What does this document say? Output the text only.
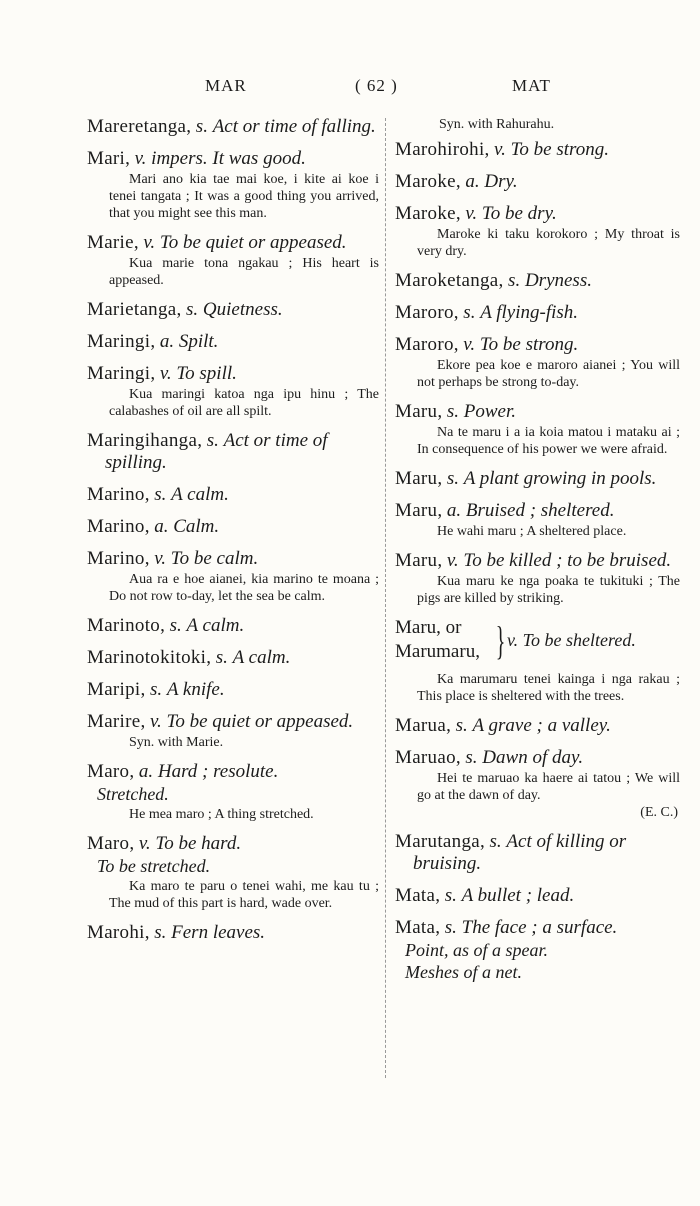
MAR	( 62 )	MAT
Mareretanga, s. Act or time of falling.
Mari, v. impers. It was good.
Mari ano kia tae mai koe, i kite ai koe i tenei tangata ; It was a good thing you arrived, that you might see this man.
Marie, v. To be quiet or appeased.
Kua marie tona ngakau ; His heart is appeased.
Marietanga, s. Quietness.
Maringi, a. Spilt.
Maringi, v. To spill.
Kua maringi katoa nga ipu hinu ; The calabashes of oil are all spilt.
Maringihanga, s. Act or time of spilling.
Marino, s. A calm.
Marino, a. Calm.
Marino, v. To be calm.
Aua ra e hoe aianei, kia marino te moana ; Do not row to-day, let the sea be calm.
Marinoto, s. A calm.
Marinotokitoki, s. A calm.
Maripi, s. A knife.
Marire, v. To be quiet or appeased.
Syn. with Marie.
Maro, a. Hard ; resolute.
Stretched.
He mea maro ; A thing stretched.
Maro, v. To be hard.
To be stretched.
Ka maro te paru o tenei wahi, me kau tu ; The mud of this part is hard, wade over.
Marohi, s. Fern leaves.
Syn. with Rahurahu.
Marohirohi, v. To be strong.
Maroke, a. Dry.
Maroke, v. To be dry.
Maroke ki taku korokoro ; My throat is very dry.
Maroketanga, s. Dryness.
Maroro, s. A flying-fish.
Maroro, v. To be strong.
Ekore pea koe e maroro aianei ; You will not perhaps be strong to-day.
Maru, s. Power.
Na te maru i a ia koia matou i mataku ai ; In consequence of his power we were afraid.
Maru, s. A plant growing in pools.
Maru, a. Bruised ; sheltered.
He wahi maru ; A sheltered place.
Maru, v. To be killed ; to be bruised.
Kua maru ke nga poaka te tukituki ; The pigs are killed by striking.
Maru, or
Marumaru, } v. To be sheltered.
Ka marumaru tenei kainga i nga rakau ; This place is sheltered with the trees.
Marua, s. A grave ; a valley.
Maruao, s. Dawn of day.
Hei te maruao ka haere ai tatou ; We will go at the dawn of day.
(E. C.)
Marutanga, s. Act of killing or bruising.
Mata, s. A bullet ; lead.
Mata, s. The face ; a surface.
Point, as of a spear.
Meshes of a net.
